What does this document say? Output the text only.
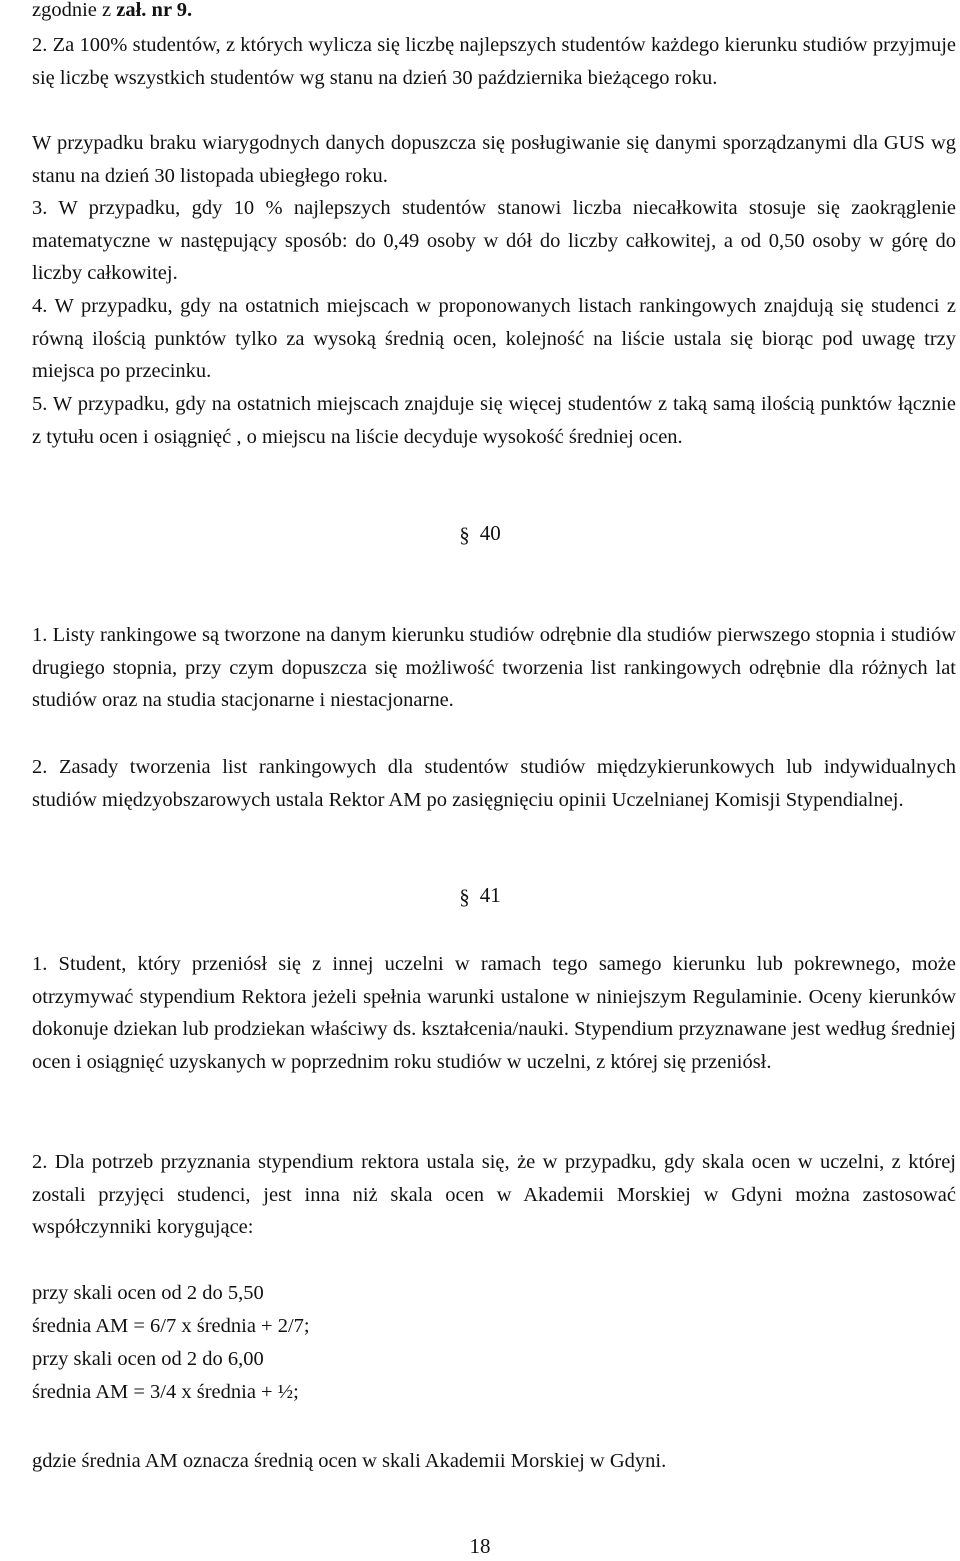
zgodnie z zał. nr 9.

2. Za 100% studentów, z których wylicza się liczbę najlepszych studentów każdego kierunku studiów przyjmuje się liczbę wszystkich studentów wg stanu na dzień 30 października bieżącego roku.

W przypadku braku wiarygodnych danych dopuszcza się posługiwanie się danymi sporządzanymi dla GUS wg stanu na dzień 30 listopada ubiegłego roku.

3. W przypadku, gdy 10 % najlepszych studentów stanowi liczba niecałkowita stosuje się zaokrąglenie matematyczne w następujący sposób: do 0,49 osoby w dół do liczby całkowitej, a od 0,50 osoby w górę do liczby całkowitej.

4. W przypadku, gdy na ostatnich miejscach w proponowanych listach rankingowych znajdują się studenci z równą ilością punktów tylko za wysoką średnią ocen, kolejność na liście ustala się biorąc pod uwagę trzy miejsca po przecinku.

5. W przypadku, gdy na ostatnich miejscach znajduje się więcej studentów z taką samą ilością punktów łącznie z tytułu ocen i osiągnięć , o miejscu na liście decyduje wysokość średniej ocen.

§ 40

1. Listy rankingowe są tworzone na danym kierunku studiów odrębnie dla studiów pierwszego stopnia i studiów drugiego stopnia, przy czym dopuszcza się możliwość tworzenia list rankingowych odrębnie dla różnych lat studiów oraz na studia stacjonarne i niestacjonarne.

2. Zasady tworzenia list rankingowych dla studentów studiów międzykierunkowych lub indywidualnych studiów międzyobszarowych ustala Rektor AM po zasięgnięciu opinii Uczelnianej Komisji Stypendialnej.

§ 41

1. Student, który przeniósł się z innej uczelni w ramach tego samego kierunku lub pokrewnego, może otrzymywać stypendium Rektora jeżeli spełnia warunki ustalone w niniejszym Regulaminie. Oceny kierunków dokonuje dziekan lub prodziekan właściwy ds. kształcenia/nauki. Stypendium przyznawane jest według średniej ocen i osiągnięć uzyskanych w poprzednim roku studiów w uczelni, z której się przeniósł.

2. Dla potrzeb przyznania stypendium rektora ustala się, że w przypadku, gdy skala ocen w uczelni, z której zostali przyjęci studenci, jest inna niż skala ocen w Akademii Morskiej w Gdyni można zastosować współczynniki korygujące:

przy skali ocen od 2 do 5,50

średnia AM = 6/7 x średnia + 2/7;

przy skali ocen od 2 do 6,00

średnia AM = 3/4 x średnia + ½;

gdzie średnia AM oznacza średnią ocen w skali Akademii Morskiej w Gdyni.

18
